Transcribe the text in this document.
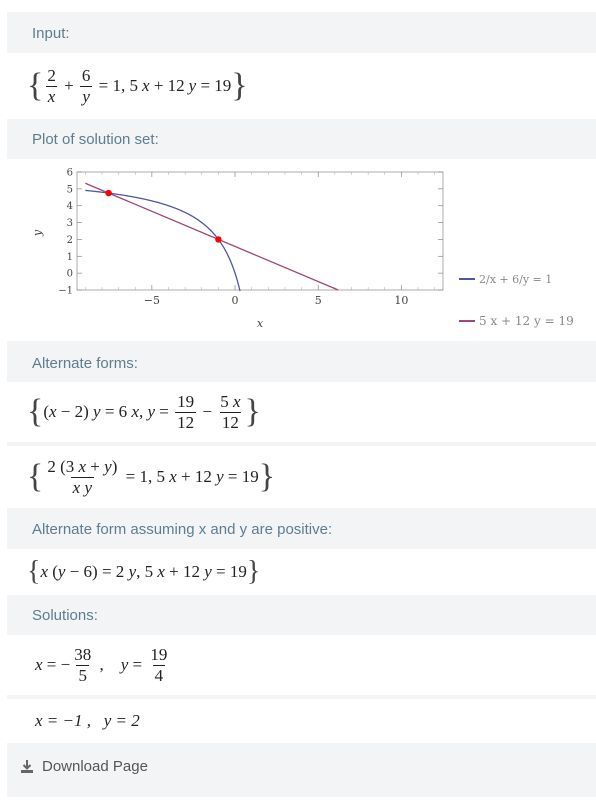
Input:
{ $\frac{2}{x} + \frac{6}{y}$
= 1, 5 x
+ 12 y
= 19 }
Plot of solution set:
−5	0	5	10
−1
0
1
2
3
4
5
6
x
y
2/x + 6/y = 1
5 x + 12 y = 19
Alternate forms:
{ ( x − 2) y = 6 x , $y = \frac{19}{12} - \frac{5 x}{12}$ }
{ $\frac{2 (3 x + y)}{\text{x y}} = 1$, 5 x + 12 y = 19 }
Alternate form assuming x and y are positive:
{ x ( y − 6) = 2 y , 5 x + 12 y = 19 }
Solutions:
x
= − $\frac{38}{5}$ , y
=
$\frac{19}{4}$
x = −1 ,   y = 2
Download Page
